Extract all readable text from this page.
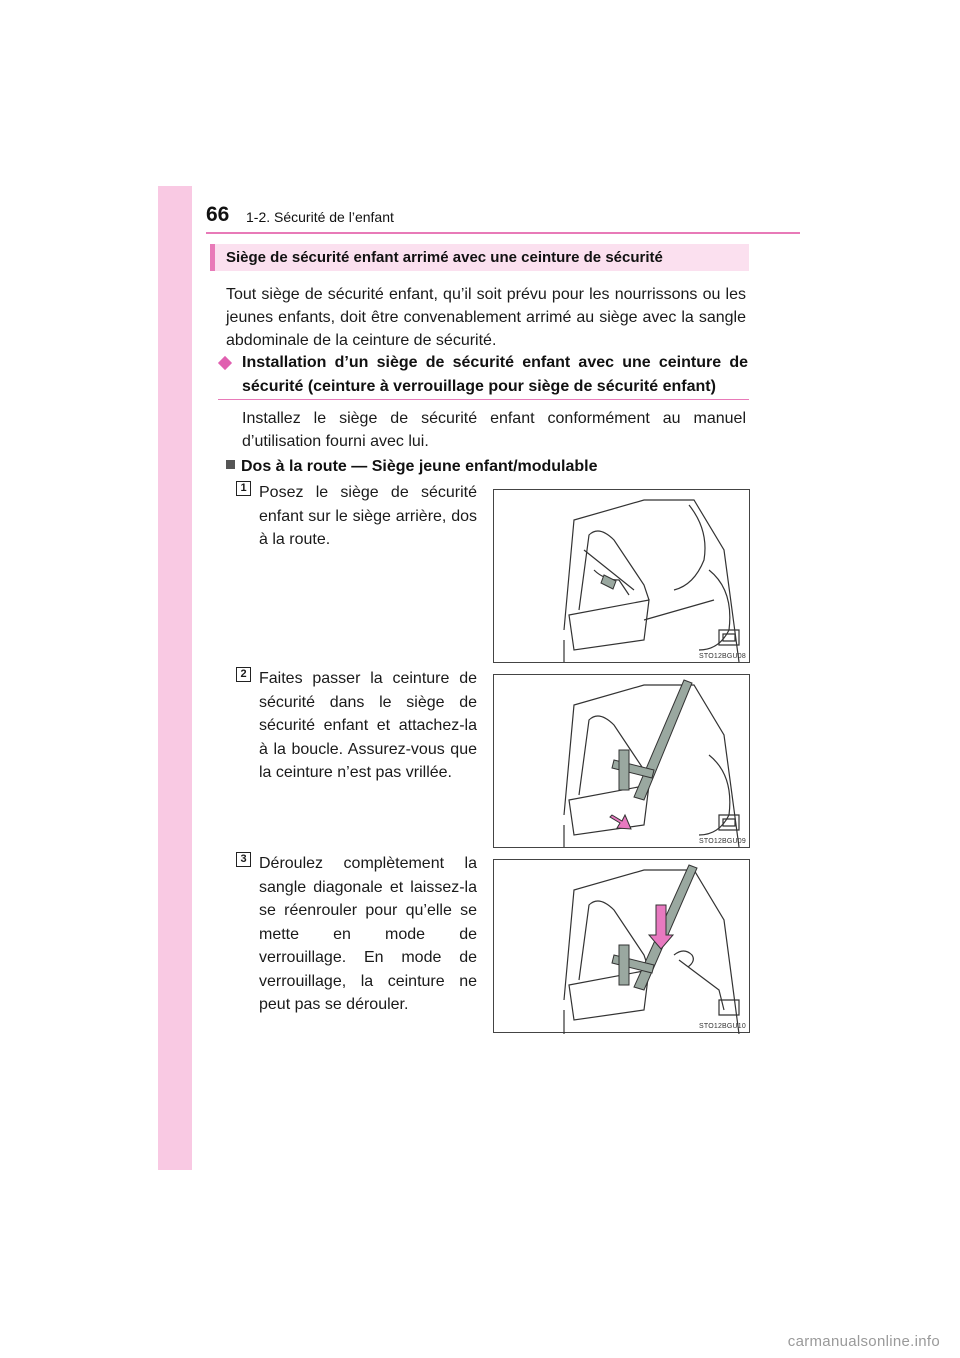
66 1-2. Sécurité de l’enfant
Siège de sécurité enfant arrimé avec une ceinture de sécurité

Tout siège de sécurité enfant, qu’il soit prévu pour les nourrissons ou les jeunes enfants, doit être convenablement arrimé au siège avec la sangle abdominale de la ceinture de sécurité.

Installation d’un siège de sécurité enfant avec une ceinture de sécurité (ceinture à verrouillage pour siège de sécurité enfant)

Installez le siège de sécurité enfant conformément au manuel d’utilisation fourni avec lui.

Dos à la route — Siège jeune enfant/modulable
1 Posez le siège de sécurité enfant sur le siège arrière, dos à la route.
STO12BGU08
2 Faites passer la ceinture de sécurité dans le siège de sécurité enfant et attachez-la à la boucle. Assurez-vous que la ceinture n’est pas vrillée.
STO12BGU09
3 Déroulez complètement la sangle diagonale et laissez-la se réenrouler pour qu’elle se mette en mode de verrouillage. En mode de verrouillage, la ceinture ne peut pas se dérouler.
STO12BGU10
carmanualsonline.info
